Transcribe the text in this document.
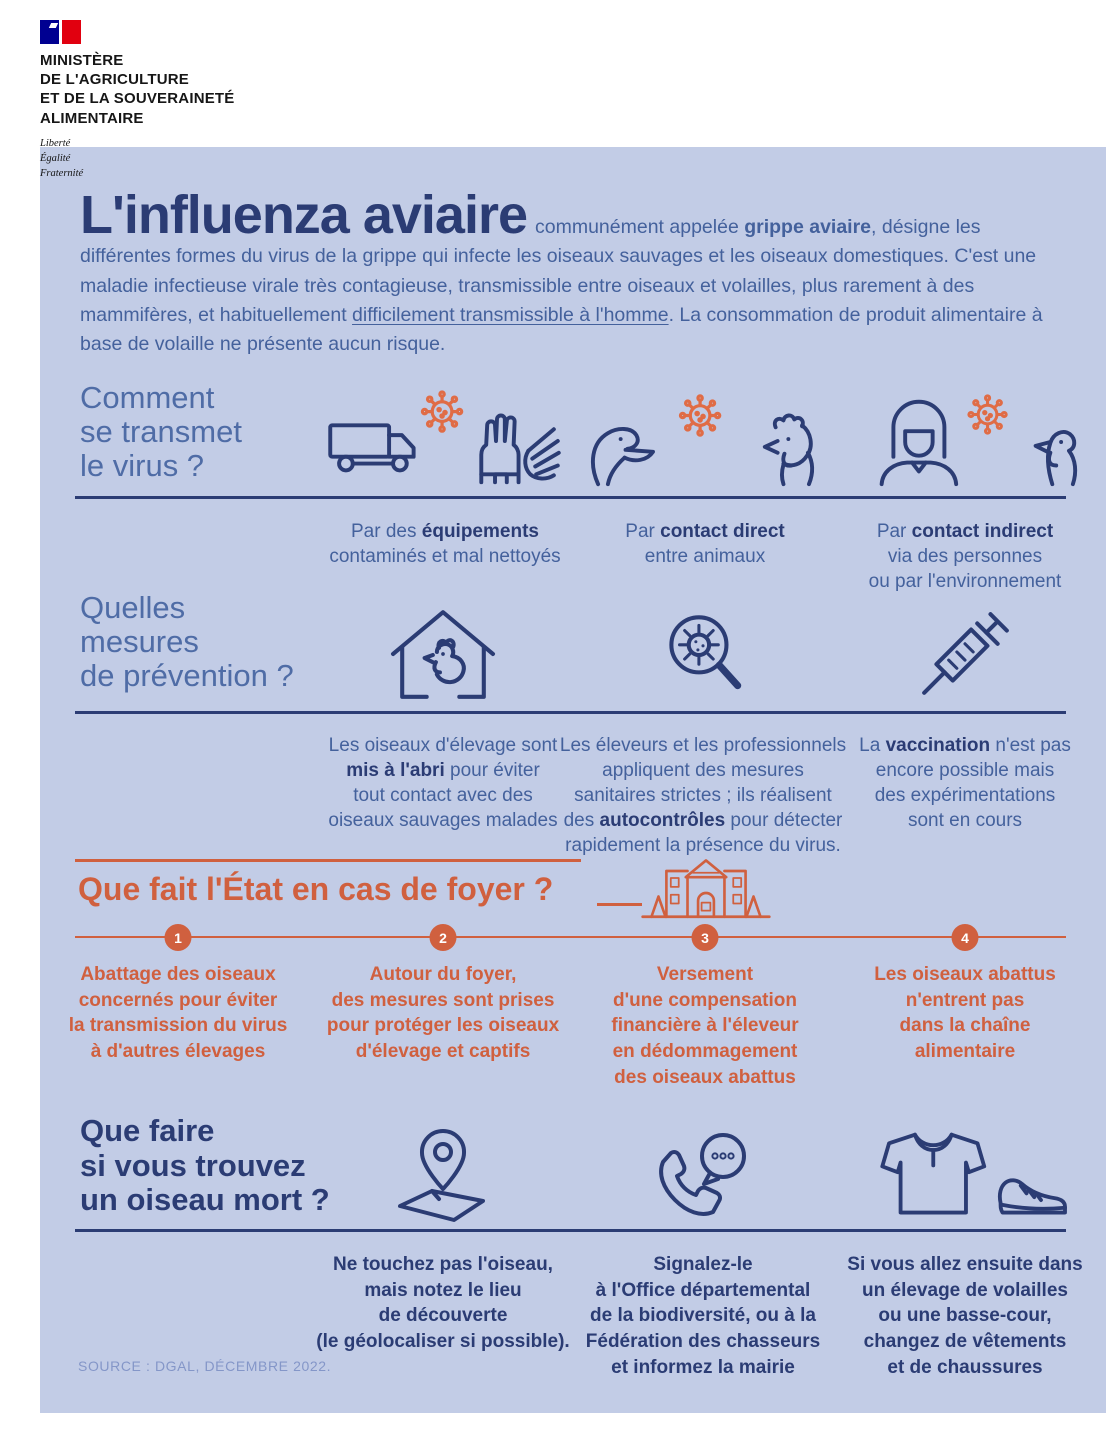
MINISTÈRE
DE L'AGRICULTURE
ET DE LA SOUVERAINETÉ
ALIMENTAIRE
Liberté
Égalité
Fraternité

L'influenza aviaire communément appelée grippe aviaire, désigne les différentes formes du virus de la grippe qui infecte les oiseaux sauvages et les oiseaux domestiques. C'est une maladie infectieuse virale très contagieuse, transmissible entre oiseaux et volailles, plus rarement à des mammifères, et habituellement difficilement transmissible à l'homme. La consommation de produit alimentaire à base de volaille ne présente aucun risque.

Comment
se transmet
le virus ?
Par des équipements
contaminés et mal nettoyés
Par contact direct
entre animaux
Par contact indirect
via des personnes
ou par l'environnement
Quelles
mesures
de prévention ?
Les oiseaux d'élevage sont
mis à l'abri pour éviter
tout contact avec des
oiseaux sauvages malades
Les éleveurs et les professionnels
appliquent des mesures
sanitaires strictes ; ils réalisent
des autocontrôles pour détecter
rapidement la présence du virus.
La vaccination n'est pas
encore possible mais
des expérimentations
sont en cours
Que fait l'État en cas de foyer ?
1	2	3	4
Abattage des oiseaux
concernés pour éviter
la transmission du virus
à d'autres élevages
Autour du foyer,
des mesures sont prises
pour protéger les oiseaux
d'élevage et captifs
Versement
d'une compensation
financière à l'éleveur
en dédommagement
des oiseaux abattus
Les oiseaux abattus
n'entrent pas
dans la chaîne
alimentaire
Que faire
si vous trouvez
un oiseau mort ?
Ne touchez pas l'oiseau,
mais notez le lieu
de découverte
(le géolocaliser si possible).
Signalez-le
à l'Office départemental
de la biodiversité, ou à la
Fédération des chasseurs
et informez la mairie
Si vous allez ensuite dans
un élevage de volailles
ou une basse-cour,
changez de vêtements
et de chaussures
SOURCE : DGAL, DÉCEMBRE 2022.
